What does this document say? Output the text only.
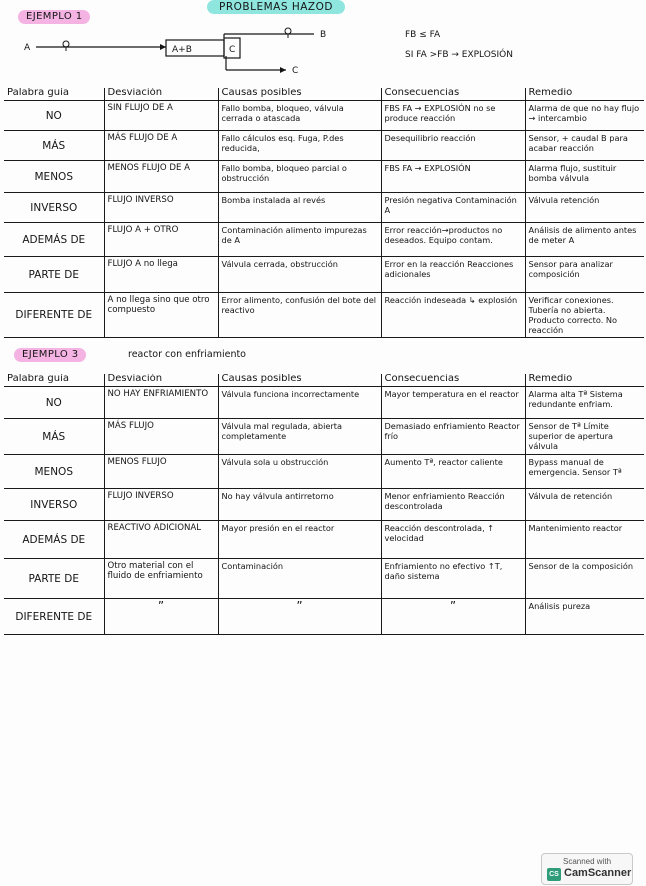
PROBLEMAS HAZOD
EJEMPLO 1
A	A+B	C
B
C
FB ≤ FA
SI FA >FB → EXPLOSIÓN
Palabra guía	Desviación	Causas posibles	Consecuencias	Remedio
NO	SIN FLUJO DE A	Fallo bomba, bloqueo, válvula cerrada o atascada	FBS FA → EXPLOSIÓN no se produce reacción	Alarma de que no hay flujo → intercambio
MÁS	MÁS FLUJO DE A	Fallo cálculos esq. Fuga, P.des reducida,	Desequilibrio reacción	Sensor, + caudal B para acabar reacción
MENOS	MENOS FLUJO DE A	Fallo bomba, bloqueo parcial o obstrucción	FBS FA → EXPLOSIÓN	Alarma flujo, sustituir bomba válvula
INVERSO	FLUJO INVERSO	Bomba instalada al revés	Presión negativa Contaminación A	Válvula retención
ADEMÁS DE	FLUJO A + OTRO	Contaminación alimento impurezas de A	Error reacción→productos no deseados. Equipo contam.	Análisis de alimento antes de meter A
PARTE DE	FLUJO A no llega	Válvula cerrada, obstrucción	Error en la reacción Reacciones adicionales	Sensor para analizar composición
DIFERENTE DE	A no llega sino que otro compuesto	Error alimento, confusión del bote del reactivo	Reacción indeseada ↳ explosión	Verificar conexiones. Tubería no abierta. Producto correcto. No reacción
EJEMPLO 3	reactor con enfriamiento
Palabra guía	Desviación	Causas posibles	Consecuencias	Remedio
NO	NO HAY ENFRIAMIENTO	Válvula funciona incorrectamente	Mayor temperatura en el reactor	Alarma alta Tª Sistema redundante enfriam.
MÁS	MÁS FLUJO	Válvula mal regulada, abierta completamente	Demasiado enfriamiento Reactor frío	Sensor de Tª Límite superior de apertura válvula
MENOS	MENOS FLUJO	Válvula sola u obstrucción	Aumento Tª, reactor caliente	Bypass manual de emergencia. Sensor Tª
INVERSO	FLUJO INVERSO	No hay válvula antirretorno	Menor enfriamiento Reacción descontrolada	Válvula de retención
ADEMÁS DE	REACTIVO ADICIONAL	Mayor presión en el reactor	Reacción descontrolada, ↑ velocidad	Mantenimiento reactor
PARTE DE	Otro material con el fluido de enfriamiento	Contaminación	Enfriamiento no efectivo ↑T, daño sistema	Sensor de la composición
DIFERENTE DE	”	”	”	Análisis pureza
Scanned with
CS CamScanner
